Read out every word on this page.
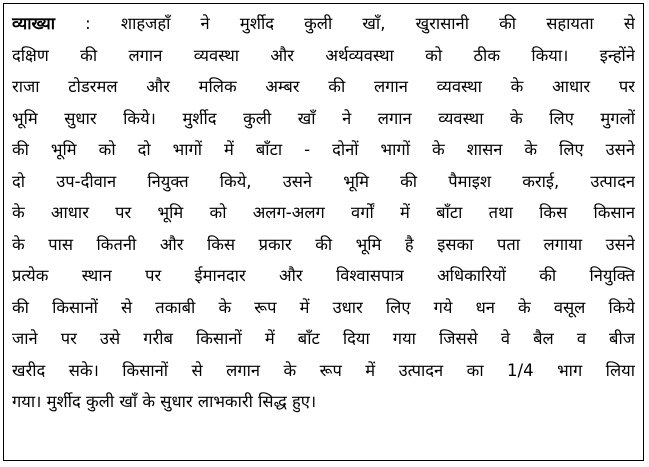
व्याख्या : शाहजहाँ ने मुर्शीद कुली खाँ, खुरासानी की सहायता से
दक्षिण की लगान व्यवस्था और अर्थव्यवस्था को ठीक किया। इन्होंने
राजा टोडरमल और मलिक अम्बर की लगान व्यवस्था के आधार पर
भूमि सुधार किये। मुर्शीद कुली खाँ ने लगान व्यवस्था के लिए मुगलों
की भूमि को दो भागों में बाँटा - दोनों भागों के शासन के लिए उसने
दो उप-दीवान नियुक्त किये, उसने भूमि की पैमाइश कराई, उत्पादन
के आधार पर भूमि को अलग-अलग वर्गों में बाँटा तथा किस किसान
के पास कितनी और किस प्रकार की भूमि है इसका पता लगाया उसने
प्रत्येक स्थान पर ईमानदार और विश्वासपात्र अधिकारियों की नियुक्ति
की किसानों से तकाबी के रूप में उधार लिए गये धन के वसूल किये
जाने पर उसे गरीब किसानों में बाँट दिया गया जिससे वे बैल व बीज
खरीद सके। किसानों से लगान के रूप में उत्पादन का 1/4 भाग लिया
गया। मुर्शीद कुली खाँ के सुधार लाभकारी सिद्ध हुए।
